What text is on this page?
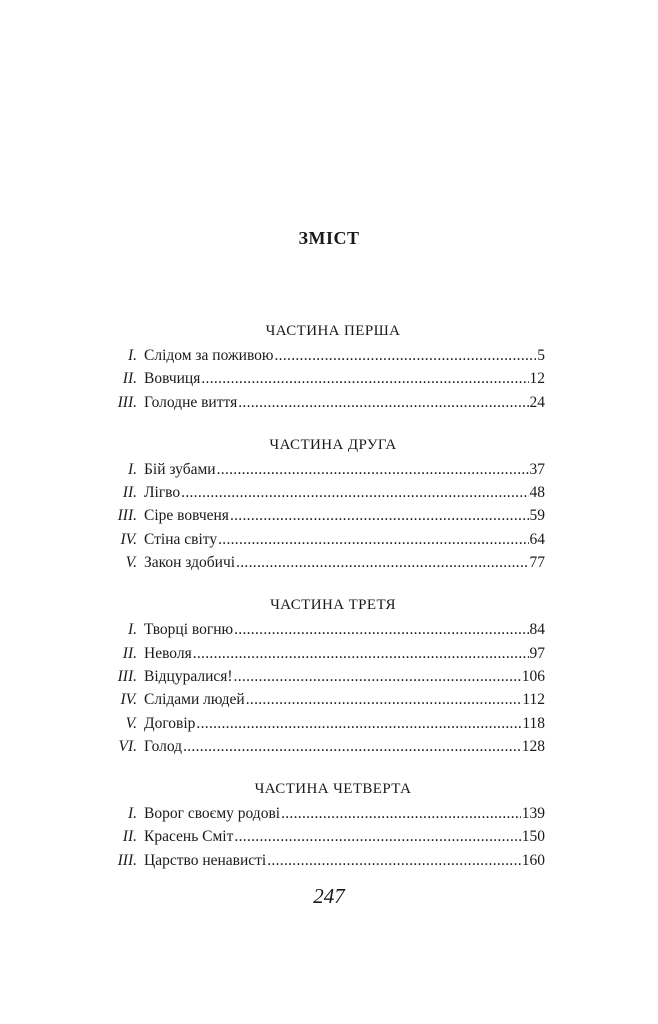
ЗМІСТ
ЧАСТИНА ПЕРША
I. Слідом за поживою .....	5
II. Вовчиця .....	12
III. Голодне виття .....	24
ЧАСТИНА ДРУГА
I. Бій зубами .....	37
II. Лігво .....	48
III. Сіре вовченя .....	59
IV. Стіна світу .....	64
V. Закон здобичі .....	77
ЧАСТИНА ТРЕТЯ
I. Творці вогню .....	84
II. Неволя .....	97
III. Відцуралися! .....	106
IV. Слідами людей .....	112
V. Договір .....	118
VI. Голод .....	128
ЧАСТИНА ЧЕТВЕРТА
I. Ворог своєму родові .....	139
II. Красень Сміт .....	150
III. Царство ненависті .....	160
247
